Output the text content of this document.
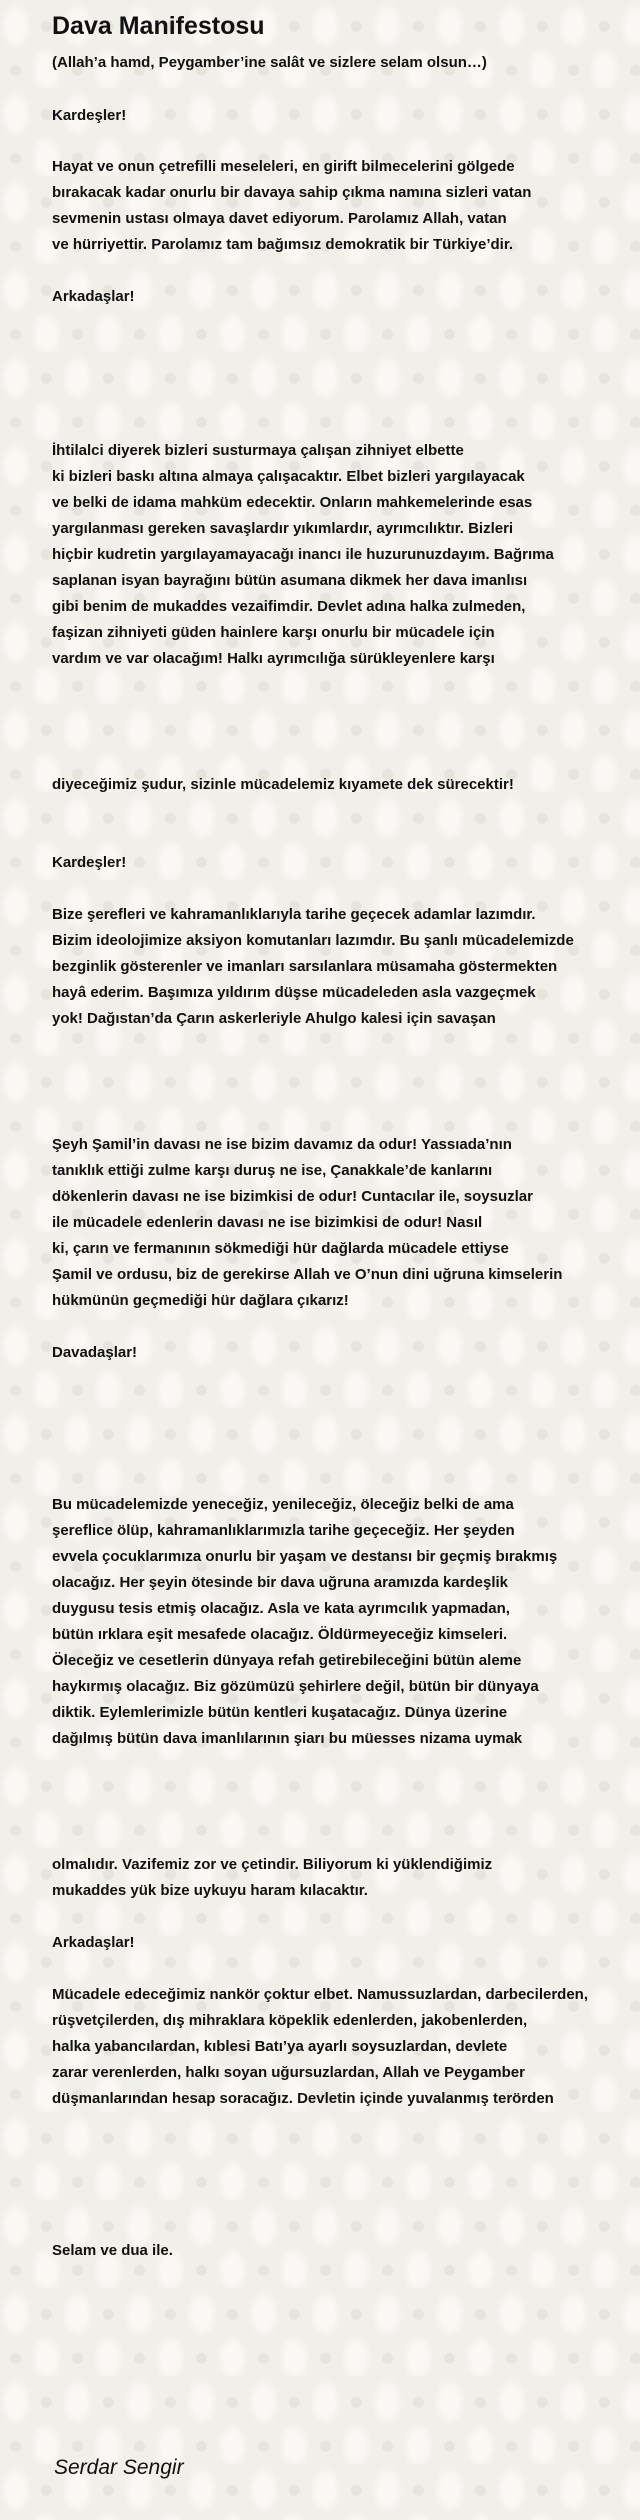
Dava Manifestosu

(Allah’a hamd, Peygamber’ine salât ve sizlere selam olsun…)

Kardeşler!

Hayat ve onun çetrefilli meseleleri, en girift bilmecelerini gölgede

bırakacak kadar onurlu bir davaya sahip çıkma namına sizleri vatan

sevmenin ustası olmaya davet ediyorum. Parolamız Allah, vatan

ve hürriyettir. Parolamız tam bağımsız demokratik bir Türkiye’dir.

Arkadaşlar!

İhtilalci diyerek bizleri susturmaya çalışan zihniyet elbette

ki bizleri baskı altına almaya çalışacaktır. Elbet bizleri yargılayacak

ve belki de idama mahküm edecektir. Onların mahkemelerinde esas

yargılanması gereken savaşlardır yıkımlardır, ayrımcılıktır. Bizleri

hiçbir kudretin yargılayamayacağı inancı ile huzurunuzdayım. Bağrıma

saplanan isyan bayrağını bütün asumana dikmek her dava imanlısı

gibi benim de mukaddes vezaifimdir. Devlet adına halka zulmeden,

faşizan zihniyeti güden hainlere karşı onurlu bir mücadele için

vardım ve var olacağım! Halkı ayrımcılığa sürükleyenlere karşı

diyeceğimiz şudur, sizinle mücadelemiz kıyamete dek sürecektir!

Kardeşler!

Bize şerefleri ve kahramanlıklarıyla tarihe geçecek adamlar lazımdır.

Bizim ideolojimize aksiyon komutanları lazımdır. Bu şanlı mücadelemizde

bezginlik gösterenler ve imanları sarsılanlara müsamaha göstermekten

hayâ ederim. Başımıza yıldırım düşse mücadeleden asla vazgeçmek

yok! Dağıstan’da Çarın askerleriyle Ahulgo kalesi için savaşan

Şeyh Şamil’in davası ne ise bizim davamız da odur! Yassıada’nın

tanıklık ettiği zulme karşı duruş ne ise, Çanakkale’de kanlarını

dökenlerin davası ne ise bizimkisi de odur! Cuntacılar ile, soysuzlar

ile mücadele edenlerin davası ne ise bizimkisi de odur! Nasıl

ki, çarın ve fermanının sökmediği hür dağlarda mücadele ettiyse

Şamil ve ordusu, biz de gerekirse Allah ve O’nun dini uğruna kimselerin

hükmünün geçmediği hür dağlara çıkarız!

Davadaşlar!

Bu mücadelemizde yeneceğiz, yenileceğiz, öleceğiz belki de ama

şereflice ölüp, kahramanlıklarımızla tarihe geçeceğiz. Her şeyden

evvela çocuklarımıza onurlu bir yaşam ve destansı bir geçmiş bırakmış

olacağız. Her şeyin ötesinde bir dava uğruna aramızda kardeşlik

duygusu tesis etmiş olacağız. Asla ve kata ayrımcılık yapmadan,

bütün ırklara eşit mesafede olacağız. Öldürmeyeceğiz kimseleri.

Öleceğiz ve cesetlerin dünyaya refah getirebileceğini bütün aleme

haykırmış olacağız. Biz gözümüzü şehirlere değil, bütün bir dünyaya

diktik. Eylemlerimizle bütün kentleri kuşatacağız. Dünya üzerine

dağılmış bütün dava imanlılarının şiarı bu müesses nizama uymak

olmalıdır. Vazifemiz zor ve çetindir. Biliyorum ki yüklendiğimiz

mukaddes yük bize uykuyu haram kılacaktır.

Arkadaşlar!

Mücadele edeceğimiz nankör çoktur elbet. Namussuzlardan, darbecilerden,

rüşvetçilerden, dış mihraklara köpeklik edenlerden, jakobenlerden,

halka yabancılardan, kıblesi Batı’ya ayarlı soysuzlardan, devlete

zarar verenlerden, halkı soyan uğursuzlardan, Allah ve Peygamber

düşmanlarından hesap soracağız. Devletin içinde yuvalanmış terörden

Selam ve dua ile.

Serdar Sengir
